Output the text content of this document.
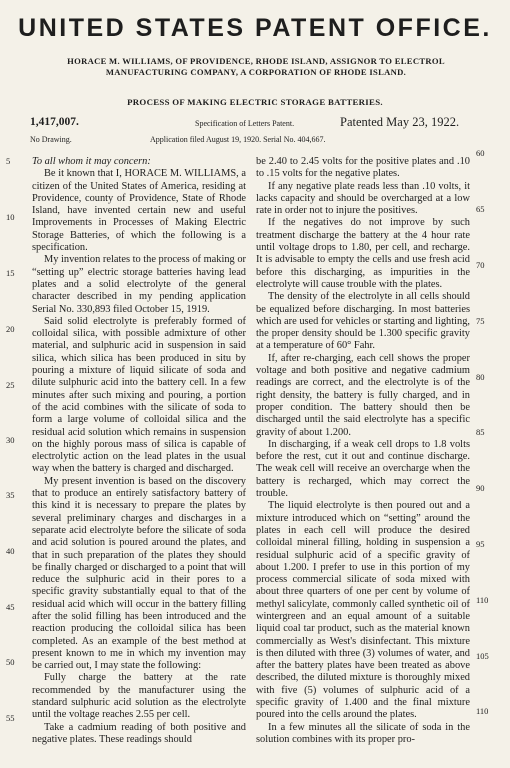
UNITED STATES PATENT OFFICE.
HORACE M. WILLIAMS, OF PROVIDENCE, RHODE ISLAND, ASSIGNOR TO ELECTROL MANUFACTURING COMPANY, A CORPORATION OF RHODE ISLAND.
PROCESS OF MAKING ELECTRIC STORAGE BATTERIES.
1,417,007.	Specification of Letters Patent.	Patented May 23, 1922.
No Drawing.	Application filed August 19, 1920. Serial No. 404,667.

To all whom it may concern:

Be it known that I, HORACE M. WILLIAMS, a citizen of the United States of America, residing at Providence, county of Providence, State of Rhode Island, have invented certain new and useful Improvements in Processes of Making Electric Storage Batteries, of which the following is a specification.

My invention relates to the process of making or “setting up” electric storage batteries having lead plates and a solid electrolyte of the general character described in my pending application Serial No. 330,893 filed October 15, 1919.

Said solid electrolyte is preferably formed of colloidal silica, with possible admixture of other material, and sulphuric acid in suspension in said silica, which silica has been produced in situ by pouring a mixture of liquid silicate of soda and dilute sulphuric acid into the battery cell. In a few minutes after such mixing and pouring, a portion of the acid combines with the silicate of soda to form a large volume of colloidal silica and the residual acid solution which remains in suspension on the highly porous mass of silica is capable of electrolytic action on the lead plates in the usual way when the battery is charged and discharged.

My present invention is based on the discovery that to produce an entirely satisfactory battery of this kind it is necessary to prepare the plates by several preliminary charges and discharges in a separate acid electrolyte before the silicate of soda and acid solution is poured around the plates, and that in such preparation of the plates they should be finally charged or discharged to a point that will reduce the sulphuric acid in their pores to a specific gravity substantially equal to that of the residual acid which will occur in the battery filling after the solid filling has been introduced and the reaction producing the colloidal silica has been completed. As an example of the best method at present known to me in which my invention may be carried out, I may state the following:

Fully charge the battery at the rate recommended by the manufacturer using the standard sulphuric acid solution as the electrolyte until the voltage reaches 2.55 per cell.

Take a cadmium reading of both positive and negative plates. These readings should

be 2.40 to 2.45 volts for the positive plates and .10 to .15 volts for the negative plates.

If any negative plate reads less than .10 volts, it lacks capacity and should be overcharged at a low rate in order not to injure the positives.

If the negatives do not improve by such treatment discharge the battery at the 4 hour rate until voltage drops to 1.80, per cell, and recharge. It is advisable to empty the cells and use fresh acid before this discharging, as impurities in the electrolyte will cause trouble with the plates.

The density of the electrolyte in all cells should be equalized before discharging. In most batteries which are used for vehicles or starting and lighting, the proper density should be 1.300 specific gravity at a temperature of 60° Fahr.

If, after re-charging, each cell shows the proper voltage and both positive and negative cadmium readings are correct, and the electrolyte is of the right density, the battery is fully charged, and in proper condition. The battery should then be discharged until the said electrolyte has a specific gravity of about 1.200.

In discharging, if a weak cell drops to 1.8 volts before the rest, cut it out and continue discharge. The weak cell will receive an overcharge when the battery is recharged, which may correct the trouble.

The liquid electrolyte is then poured out and a mixture introduced which on “setting” around the plates in each cell will produce the desired colloidal mineral filling, holding in suspension a residual sulphuric acid of a specific gravity of about 1.200. I prefer to use in this portion of my process commercial silicate of soda mixed with about three quarters of one per cent by volume of methyl salicylate, commonly called synthetic oil of wintergreen and an equal amount of a suitable liquid coal tar product, such as the material known commercially as West's disinfectant. This mixture is then diluted with three (3) volumes of water, and after the battery plates have been treated as above described, the diluted mixture is thoroughly mixed with five (5) volumes of sulphuric acid of a specific gravity of 1.400 and the final mixture poured into the cells around the plates.

In a few minutes all the silicate of soda in the solution combines with its proper pro-

5
10
15
20
25
30
35
40
45
50
55
60
65
70
75
80
85
90
95
110
105
110
